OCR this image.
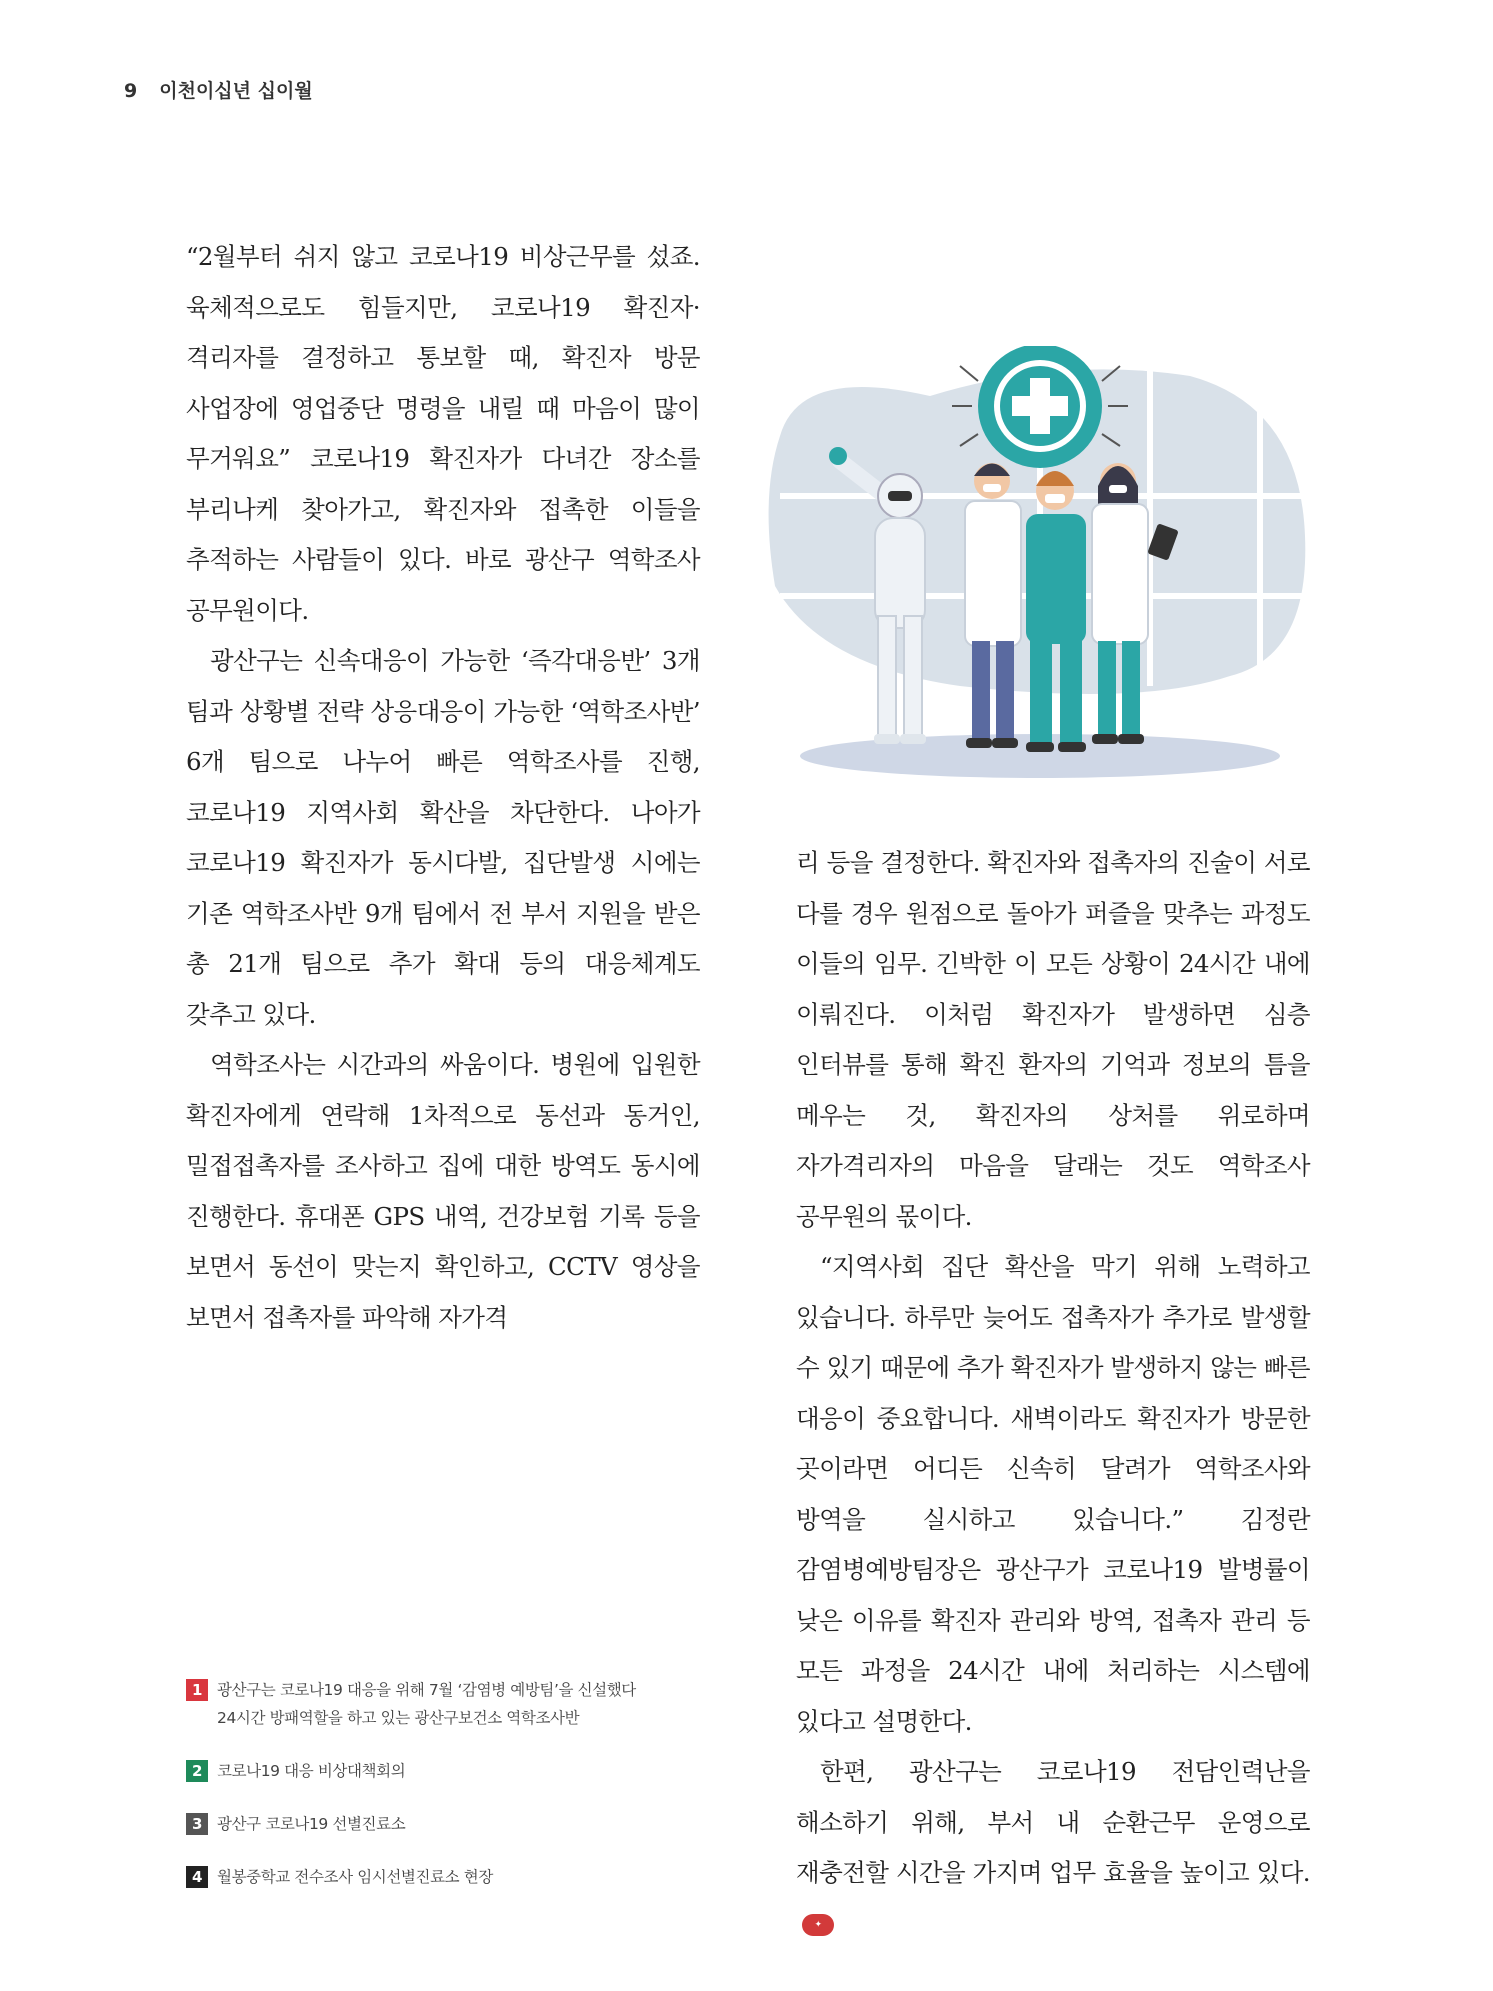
9 이천이십년 십이월

“2월부터 쉬지 않고 코로나19 비상근무를 섰죠. 육체적으로도 힘들지만, 코로나19 확진자·격리자를 결정하고 통보할 때, 확진자 방문 사업장에 영업중단 명령을 내릴 때 마음이 많이 무거워요” 코로나19 확진자가 다녀간 장소를 부리나케 찾아가고, 확진자와 접촉한 이들을 추적하는 사람들이 있다. 바로 광산구 역학조사 공무원이다.

광산구는 신속대응이 가능한 ‘즉각대응반’ 3개 팀과 상황별 전략 상응대응이 가능한 ‘역학조사반’ 6개 팀으로 나누어 빠른 역학조사를 진행, 코로나19 지역사회 확산을 차단한다. 나아가 코로나19 확진자가 동시다발, 집단발생 시에는 기존 역학조사반 9개 팀에서 전 부서 지원을 받은 총 21개 팀으로 추가 확대 등의 대응체계도 갖추고 있다.

역학조사는 시간과의 싸움이다. 병원에 입원한 확진자에게 연락해 1차적으로 동선과 동거인, 밀접접촉자를 조사하고 집에 대한 방역도 동시에 진행한다. 휴대폰 GPS 내역, 건강보험 기록 등을 보면서 동선이 맞는지 확인하고, CCTV 영상을 보면서 접촉자를 파악해 자가격

리 등을 결정한다. 확진자와 접촉자의 진술이 서로 다를 경우 원점으로 돌아가 퍼즐을 맞추는 과정도 이들의 임무. 긴박한 이 모든 상황이 24시간 내에 이뤄진다. 이처럼 확진자가 발생하면 심층 인터뷰를 통해 확진 환자의 기억과 정보의 틈을 메우는 것, 확진자의 상처를 위로하며 자가격리자의 마음을 달래는 것도 역학조사 공무원의 몫이다.

“지역사회 집단 확산을 막기 위해 노력하고 있습니다. 하루만 늦어도 접촉자가 추가로 발생할 수 있기 때문에 추가 확진자가 발생하지 않는 빠른 대응이 중요합니다. 새벽이라도 확진자가 방문한 곳이라면 어디든 신속히 달려가 역학조사와 방역을 실시하고 있습니다.” 김정란 감염병예방팀장은 광산구가 코로나19 발병률이 낮은 이유를 확진자 관리와 방역, 접촉자 관리 등 모든 과정을 24시간 내에 처리하는 시스템에 있다고 설명한다.

한편, 광산구는 코로나19 전담인력난을 해소하기 위해, 부서 내 순환근무 운영으로 재충전할 시간을 가지며 업무 효율을 높이고 있다.✦

1 광산구는 코로나19 대응을 위해 7월 ‘감염병 예방팀’을 신설했다
24시간 방패역할을 하고 있는 광산구보건소 역학조사반
2 코로나19 대응 비상대책회의
3 광산구 코로나19 선별진료소
4 월봉중학교 전수조사 임시선별진료소 현장
